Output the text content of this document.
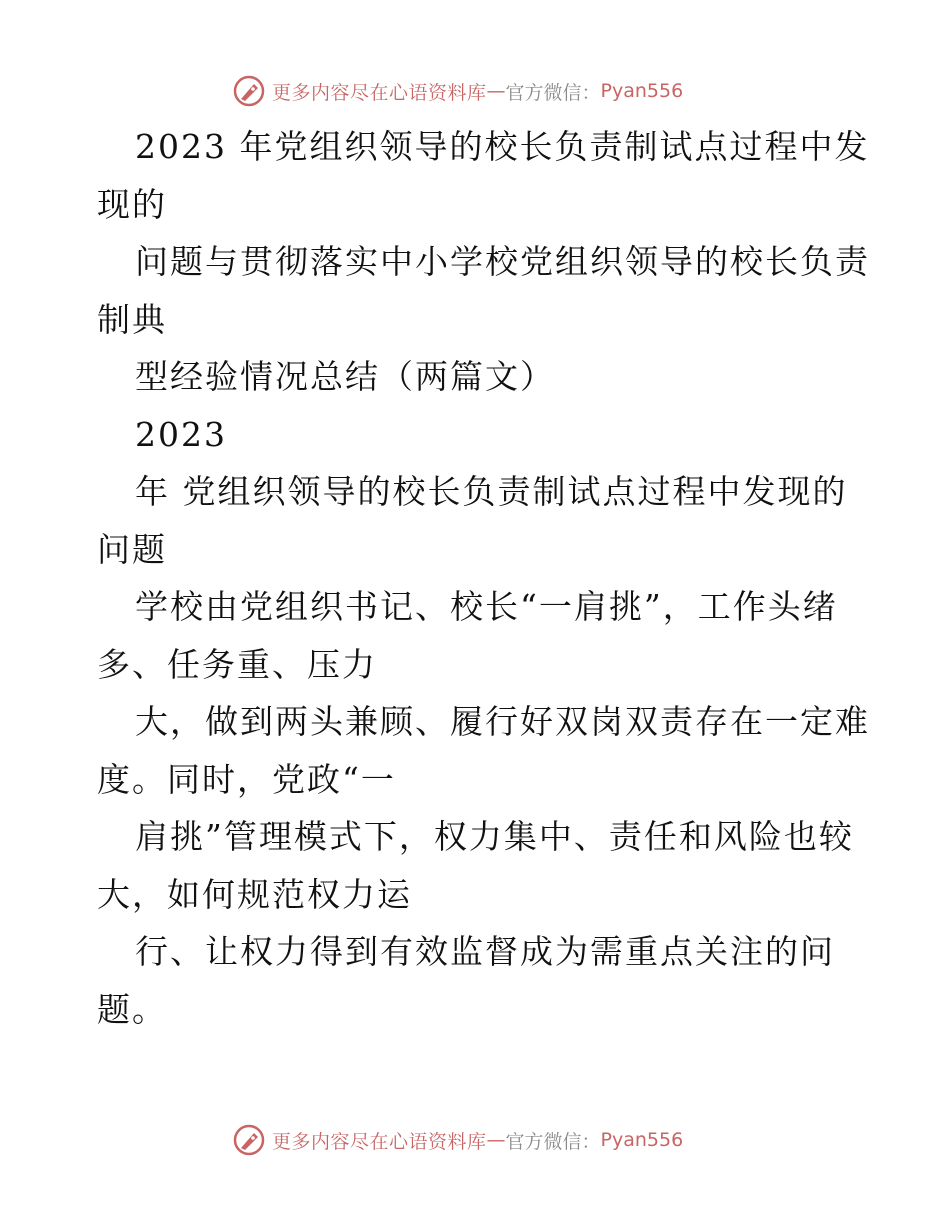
更多内容尽在心语资料库 — 官方微信： Pyan556
2023 年党组织领导的校长负责制试点过程中发
现的
问题与贯彻落实中小学校党组织领导的校长负责
制典
型经验情况总结（两篇文）
2023
年 党组织领导的校长负责制试点过程中发现的
问题
学校由党组织书记、校长“一肩挑”，工作头绪
多、任务重、压力
大，做到两头兼顾、履行好双岗双责存在一定难
度。同时，党政“一
肩挑”管理模式下，权力集中、责任和风险也较
大，如何规范权力运
行、让权力得到有效监督成为需重点关注的问
题。
更多内容尽在心语资料库 — 官方微信： Pyan556
